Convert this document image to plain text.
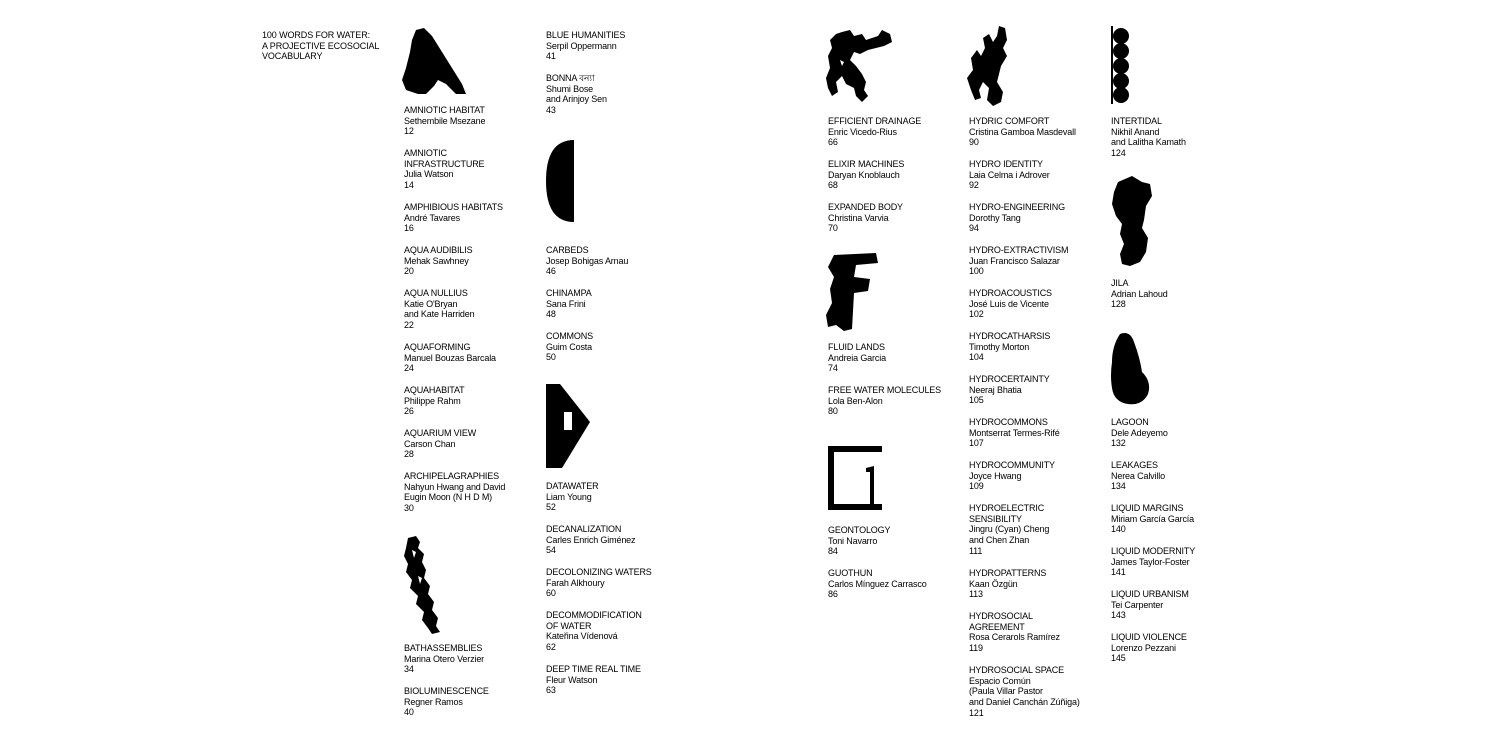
100 WORDS FOR WATER:
A PROJECTIVE ECOSOCIAL
VOCABULARY
AMNIOTIC HABITAT
Sethembile Msezane
12
AMNIOTIC
INFRASTRUCTURE
Julia Watson
14
AMPHIBIOUS HABITATS
André Tavares
16
AQUA AUDIBILIS
Mehak Sawhney
20
AQUA NULLIUS
Katie O'Bryan
and Kate Harriden
22
AQUAFORMING
Manuel Bouzas Barcala
24
AQUAHABITAT
Philippe Rahm
26
AQUARIUM VIEW
Carson Chan
28
ARCHIPELAGRAPHIES
Nahyun Hwang and David
Eugin Moon (N H D M)
30
BATHASSEMBLIES
Marina Otero Verzier
34
BIOLUMINESCENCE
Regner Ramos
40
BLUE HUMANITIES
Serpil Oppermann
41
BONNA বন্যা
Shumi Bose
and Arinjoy Sen
43
CARBEDS
Josep Bohigas Arnau
46
CHINAMPA
Sana Frini
48
COMMONS
Guim Costa
50
DATAWATER
Liam Young
52
DECANALIZATION
Carles Enrich Giménez
54
DECOLONIZING WATERS
Farah Alkhoury
60
DECOMMODIFICATION
OF WATER
Kateřina Vídenová
62
DEEP TIME REAL TIME
Fleur Watson
63
EFFICIENT DRAINAGE
Enric Vicedo-Rius
66
ELIXIR MACHINES
Daryan Knoblauch
68
EXPANDED BODY
Christina Varvia
70
FLUID LANDS
Andreia Garcia
74
FREE WATER MOLECULES
Lola Ben-Alon
80
GEONTOLOGY
Toni Navarro
84
GUOTHUN
Carlos Mínguez Carrasco
86
HYDRIC COMFORT
Cristina Gamboa Masdevall
90
HYDRO IDENTITY
Laia Celma i Adrover
92
HYDRO-ENGINEERING
Dorothy Tang
94
HYDRO-EXTRACTIVISM
Juan Francisco Salazar
100
HYDROACOUSTICS
José Luis de Vicente
102
HYDROCATHARSIS
Timothy Morton
104
HYDROCERTAINTY
Neeraj Bhatia
105
HYDROCOMMONS
Montserrat Termes-Rifé
107
HYDROCOMMUNITY
Joyce Hwang
109
HYDROELECTRIC
SENSIBILITY
Jingru (Cyan) Cheng
and Chen Zhan
111
HYDROPATTERNS
Kaan Özgün
113
HYDROSOCIAL
AGREEMENT
Rosa Cerarols Ramírez
119
HYDROSOCIAL SPACE
Espacio Común
(Paula Villar Pastor
and Daniel Canchán Zúñiga)
121
INTERTIDAL
Nikhil Anand
and Lalitha Kamath
124
JILA
Adrian Lahoud
128
LAGOON
Dele Adeyemo
132
LEAKAGES
Nerea Calvillo
134
LIQUID MARGINS
Miriam García García
140
LIQUID MODERNITY
James Taylor-Foster
141
LIQUID URBANISM
Tei Carpenter
143
LIQUID VIOLENCE
Lorenzo Pezzani
145
